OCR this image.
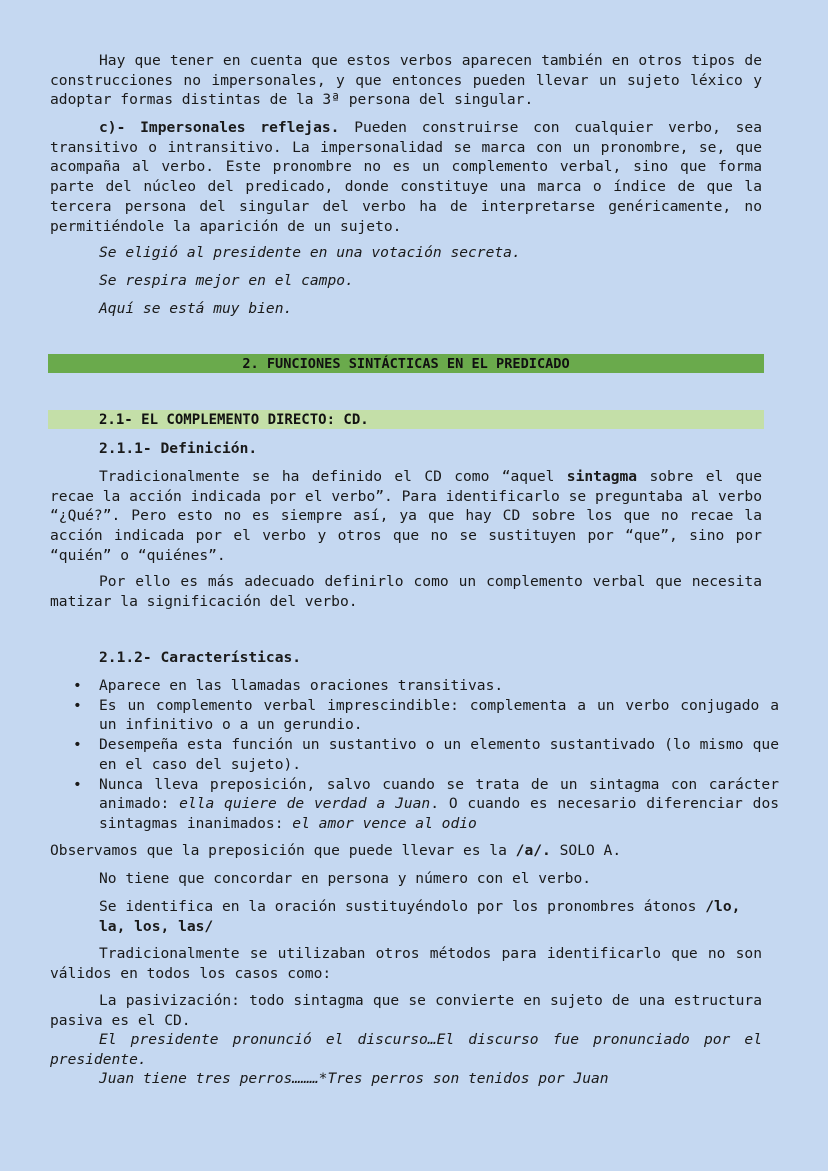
Hay que tener en cuenta que estos verbos aparecen también en otros tipos de construcciones no impersonales, y que entonces pueden llevar un sujeto léxico y adoptar formas distintas de la 3ª persona del singular.

c)- Impersonales reflejas. Pueden construirse con cualquier verbo, sea transitivo o intransitivo. La impersonalidad se marca con un pronombre, se, que acompaña al verbo. Este pronombre no es un complemento verbal, sino que forma parte del núcleo del predicado, donde constituye una marca o índice de que la tercera persona del singular del verbo ha de interpretarse genéricamente, no permitiéndole la aparición de un sujeto.

Se eligió al presidente en una votación secreta.

Se respira mejor en el campo.

Aquí se está muy bien.

2. FUNCIONES SINTÁCTICAS EN EL PREDICADO
2.1- EL COMPLEMENTO DIRECTO: CD.
2.1.1- Definición.

Tradicionalmente se ha definido el CD como “aquel sintagma sobre el que recae la acción indicada por el verbo”. Para identificarlo se preguntaba al verbo “¿Qué?”. Pero esto no es siempre así, ya que hay CD sobre los que no recae la acción indicada por el verbo y otros que no se sustituyen por “que”, sino por “quién” o “quiénes”.

Por ello es más adecuado definirlo como un complemento verbal que necesita matizar la significación del verbo.

2.1.2- Características.
• Aparece en las llamadas oraciones transitivas.
• Es un complemento verbal imprescindible: complementa a un verbo conjugado a un infinitivo o a un gerundio.
• Desempeña esta función un sustantivo o un elemento sustantivado (lo mismo que en el caso del sujeto).
• Nunca lleva preposición, salvo cuando se trata de un sintagma con carácter animado: ella quiere de verdad a Juan. O cuando es necesario diferenciar dos sintagmas inanimados: el amor vence al odio

Observamos que la preposición que puede llevar es la /a/. SOLO A.

No tiene que concordar en persona y número con el verbo.

Se identifica en la oración sustituyéndolo por los pronombres átonos /lo, la, los, las/

Tradicionalmente se utilizaban otros métodos para identificarlo que no son válidos en todos los casos como:

La pasivización: todo sintagma que se convierte en sujeto de una estructura pasiva es el CD.

El presidente pronunció el discurso…El discurso fue pronunciado por el presidente.

Juan tiene tres perros………*Tres perros son tenidos por Juan
